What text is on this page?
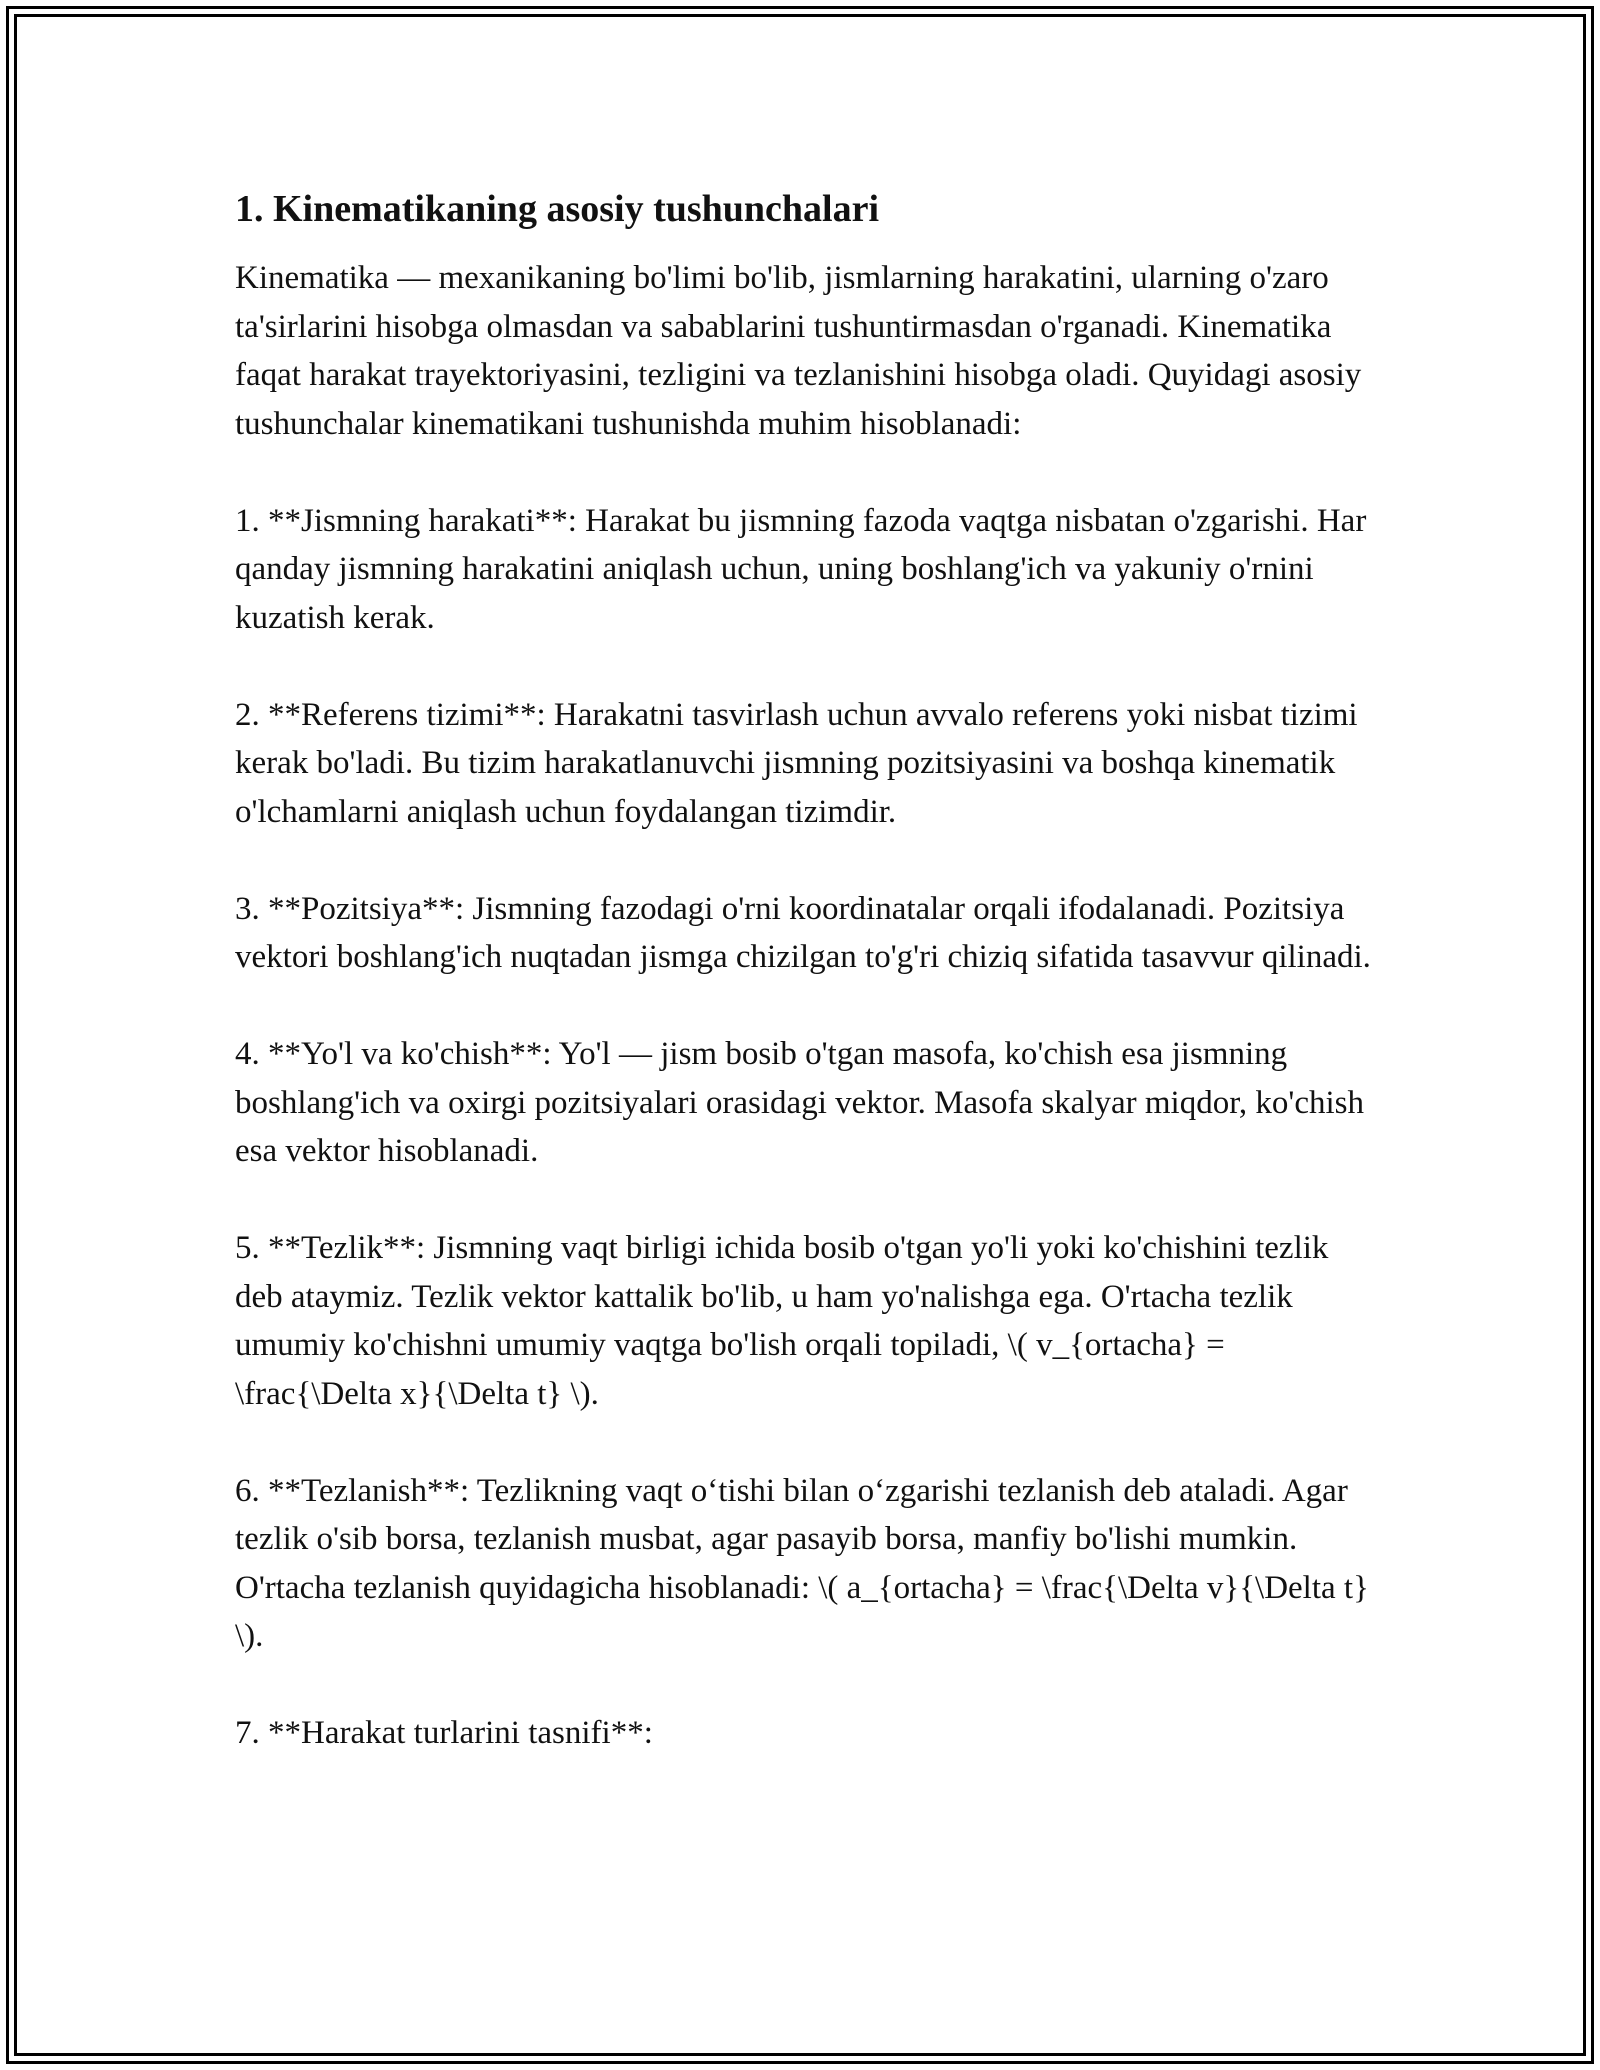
1. Kinematikaning asosiy tushunchalari

Kinematika — mexanikaning bo'limi bo'lib, jismlarning harakatini, ularning o'zaro ta'sirlarini hisobga olmasdan va sabablarini tushuntirmasdan o'rganadi. Kinematika faqat harakat trayektoriyasini, tezligini va tezlanishini hisobga oladi. Quyidagi asosiy tushunchalar kinematikani tushunishda muhim hisoblanadi:

1. **Jismning harakati**: Harakat bu jismning fazoda vaqtga nisbatan o'zgarishi. Har qanday jismning harakatini aniqlash uchun, uning boshlang'ich va yakuniy o'rnini kuzatish kerak.

2. **Referens tizimi**: Harakatni tasvirlash uchun avvalo referens yoki nisbat tizimi kerak bo'ladi. Bu tizim harakatlanuvchi jismning pozitsiyasini va boshqa kinematik o'lchamlarni aniqlash uchun foydalangan tizimdir.

3. **Pozitsiya**: Jismning fazodagi o'rni koordinatalar orqali ifodalanadi. Pozitsiya vektori boshlang'ich nuqtadan jismga chizilgan to'g'ri chiziq sifatida tasavvur qilinadi.

4. **Yo'l va ko'chish**: Yo'l — jism bosib o'tgan masofa, ko'chish esa jismning boshlang'ich va oxirgi pozitsiyalari orasidagi vektor. Masofa skalyar miqdor, ko'chish esa vektor hisoblanadi.

5. **Tezlik**: Jismning vaqt birligi ichida bosib o'tgan yo'li yoki ko'chishini tezlik deb ataymiz. Tezlik vektor kattalik bo'lib, u ham yo'nalishga ega. O'rtacha tezlik umumiy ko'chishni umumiy vaqtga bo'lish orqali topiladi, \( v_{ortacha} = \frac{\Delta x}{\Delta t} \).

6. **Tezlanish**: Tezlikning vaqt o‘tishi bilan o‘zgarishi tezlanish deb ataladi. Agar tezlik o'sib borsa, tezlanish musbat, agar pasayib borsa, manfiy bo'lishi mumkin. O'rtacha tezlanish quyidagicha hisoblanadi: \( a_{ortacha} = \frac{\Delta v}{\Delta t} \).

7. **Harakat turlarini tasnifi**:
